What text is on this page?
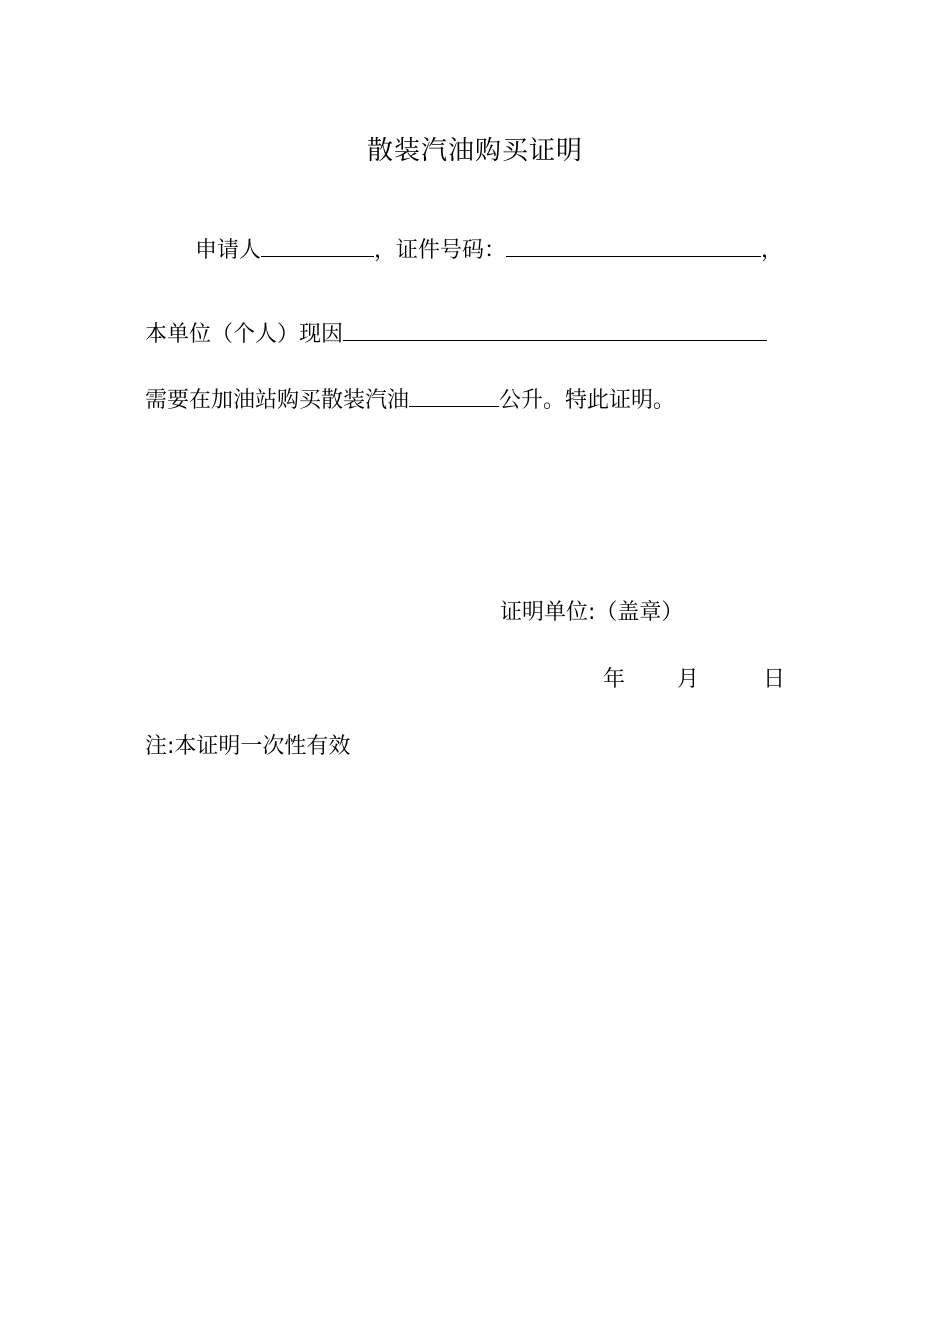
散装汽油购买证明
申请人	，证件号码：	，
本单位（个人）现因
需要在加油站购买散装汽油	公升。特此证明。
证明单位:（盖章）
年 月	日
注:本证明一次性有效
